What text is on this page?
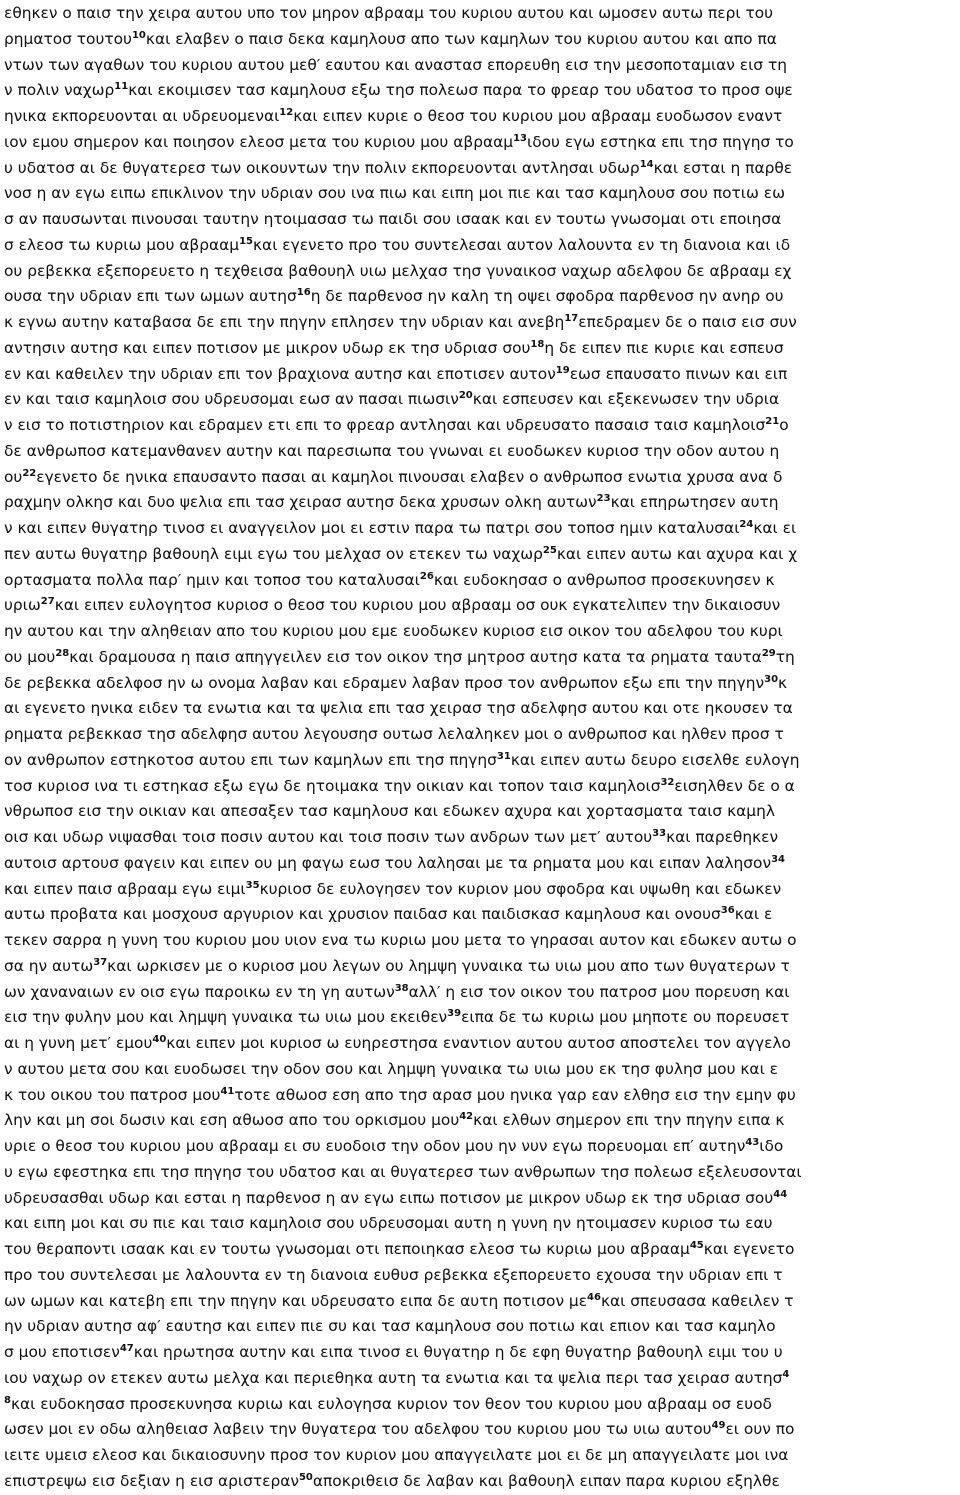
εθηκεν ο παισ την χειρα αυτου υπο τον μηρον αβρααμ του κυριου αυτου και ωμοσεν αυτω περι του
ρηματοσ τουτου$^{10}$και ελαβεν ο παισ δεκα καμηλουσ απο των καμηλων του κυριου αυτου και απο πα
ντων των αγαθων του κυριου αυτου μεθ′ εαυτου και αναστασ επορευθη εισ την μεσοποταμιαν εισ τη
ν πολιν ναχωρ$^{11}$και εκοιμισεν τασ καμηλουσ εξω τησ πολεωσ παρα το φρεαρ του υδατοσ το προσ οψε
ηνικα εκπορευονται αι υδρευομεναι$^{12}$και ειπεν κυριε ο θεοσ του κυριου μου αβρααμ ευοδωσον εναντ
ιον εμου σημερον και ποιησον ελεοσ μετα του κυριου μου αβρααμ$^{13}$ιδου εγω εστηκα επι τησ πηγησ το
υ υδατοσ αι δε θυγατερεσ των οικουντων την πολιν εκπορευονται αντλησαι υδωρ$^{14}$και εσται η παρθε
νοσ η αν εγω ειπω επικλινον την υδριαν σου ινα πιω και ειπη μοι πιε και τασ καμηλουσ σου ποτιω εω
σ αν παυσωνται πινουσαι ταυτην ητοιμασασ τω παιδι σου ισαακ και εν τουτω γνωσομαι οτι εποιησα
σ ελεοσ τω κυριω μου αβρααμ$^{15}$και εγενετο προ του συντελεσαι αυτον λαλουντα εν τη διανοια και ιδ
ου ρεβεκκα εξεπορευετο η τεχθεισα βαθουηλ υιω μελχασ τησ γυναικοσ ναχωρ αδελφου δε αβρααμ εχ
ουσα την υδριαν επι των ωμων αυτησ$^{16}$η δε παρθενοσ ην καλη τη οψει σφοδρα παρθενοσ ην ανηρ ου
κ εγνω αυτην καταβασα δε επι την πηγην επλησεν την υδριαν και ανεβη$^{17}$επεδραμεν δε ο παισ εισ συν
αντησιν αυτησ και ειπεν ποτισον με μικρον υδωρ εκ τησ υδριασ σου$^{18}$η δε ειπεν πιε κυριε και εσπευσ
εν και καθειλεν την υδριαν επι τον βραχιονα αυτησ και εποτισεν αυτον$^{19}$εωσ επαυσατο πινων και ειπ
εν και ταισ καμηλοισ σου υδρευσομαι εωσ αν πασαι πιωσιν$^{20}$και εσπευσεν και εξεκενωσεν την υδρια
ν εισ το ποτιστηριον και εδραμεν ετι επι το φρεαρ αντλησαι και υδρευσατο πασαισ ταισ καμηλοισ$^{21}$ο
δε ανθρωποσ κατεμανθανεν αυτην και παρεσιωπα του γνωναι ει ευοδωκεν κυριοσ την οδον αυτου η
$o\upsilon^{22}\varepsilon\gamma\varepsilon\nu\varepsilon\tau o$ δε ηνικα επαυσαντο πασαι αι καμηλοι πινουσαι ελαβεν ο ανθρωποσ ενωτια χρυσα ανα δ
ραχμην ολκησ και δυο ψελια επι τασ χειρασ αυτησ δεκα χρυσων ολκη αυτων$^{23}$και επηρωτησεν αυτη
ν και ειπεν θυγατηρ τινοσ ει αναγγειλον μοι ει εστιν παρα τω πατρι σου τοποσ ημιν καταλυσαι$^{24}$και ει
πεν αυτω θυγατηρ βαθουηλ ειμι εγω του μελχασ ον ετεκεν τω ναχωρ$^{25}$και ειπεν αυτω και αχυρα και χ
ορτασματα πολλα παρ′ ημιν και τοποσ του καταλυσαι$^{26}$και ευδοκησασ ο ανθρωποσ προσεκυνησεν κ
υριω$^{27}$και ειπεν ευλογητοσ κυριοσ ο θεοσ του κυριου μου αβρααμ οσ ουκ εγκατελιπεν την δικαιοσυν
ην αυτου και την αληθειαν απο του κυριου μου εμε ευοδωκεν κυριοσ εισ οικον του αδελφου του κυρι
ου μου$^{28}$και δραμουσα η παισ απηγγειλεν εισ τον οικον τησ μητροσ αυτησ κατα τα ρηματα ταυτα$^{29}$τη
δε ρεβεκκα αδελφοσ ην ω ονομα λαβαν και εδραμεν λαβαν προσ τον ανθρωπον εξω επι την πηγην$^{30}$κ
αι εγενετο ηνικα ειδεν τα ενωτια και τα ψελια επι τασ χειρασ τησ αδελφησ αυτου και οτε ηκουσεν τα
ρηματα ρεβεκκασ τησ αδελφησ αυτου λεγουσησ ουτωσ λελαληκεν μοι ο ανθρωποσ και ηλθεν προσ τ
ον ανθρωπον εστηκοτοσ αυτου επι των καμηλων επι τησ πηγησ$^{31}$και ειπεν αυτω δευρο εισελθε ευλογη
τοσ κυριοσ ινα τι εστηκασ εξω εγω δε ητοιμακα την οικιαν και τοπον ταισ καμηλοισ$^{32}$εισηλθεν δε ο α
νθρωποσ εισ την οικιαν και απεσαξεν τασ καμηλουσ και εδωκεν αχυρα και χορτασματα ταισ καμηλ
οισ και υδωρ νιψασθαι τοισ ποσιν αυτου και τοισ ποσιν των ανδρων των μετ′ αυτου$^{33}$και παρεθηκεν
αυτοισ αρτουσ φαγειν και ειπεν ου μη φαγω εωσ του λαλησαι με τα ρηματα μου και ειπαν λαλησον$^{34}$
και ειπεν παισ αβρααμ εγω ειμι$^{35}$κυριοσ δε ευλογησεν τον κυριον μου σφοδρα και υψωθη και εδωκεν
αυτω προβατα και μοσχουσ αργυριον και χρυσιον παιδασ και παιδισκασ καμηλουσ και ονουσ$^{36}$και ε
τεκεν σαρρα η γυνη του κυριου μου υιον ενα τω κυριω μου μετα το γηρασαι αυτον και εδωκεν αυτω ο
σα ην αυτω$^{37}$και ωρκισεν με ο κυριοσ μου λεγων ου λημψη γυναικα τω υιω μου απο των θυγατερων τ
ων χαναναιων εν οισ εγω παροικω εν τη γη αυτων$^{38}$αλλ′ η εισ τον οικον του πατροσ μου πορευση και
εισ την φυλην μου και λημψη γυναικα τω υιω μου εκειθεν$^{39}$ειπα δε τω κυριω μου μηποτε ου πορευσετ
αι η γυνη μετ′ εμου$^{40}$και ειπεν μοι κυριοσ ω ευηρεστησα εναντιον αυτου αυτοσ αποστελει τον αγγελο
ν αυτου μετα σου και ευοδωσει την οδον σου και λημψη γυναικα τω υιω μου εκ τησ φυλησ μου και ε
κ του οικου του πατροσ μου$^{41}$τοτε αθωοσ εση απο τησ αρασ μου ηνικα γαρ εαν ελθησ εισ την εμην φυ
λην και μη σοι δωσιν και εση αθωοσ απο του ορκισμου μου$^{42}$και ελθων σημερον επι την πηγην ειπα κ
υριε ο θεοσ του κυριου μου αβρααμ ει συ ευοδοισ την οδον μου ην νυν εγω πορευομαι επ′ αυτην$^{43}$ιδο
υ εγω εφεστηκα επι τησ πηγησ του υδατοσ και αι θυγατερεσ των ανθρωπων τησ πολεωσ εξελευσονται
υδρευσασθαι υδωρ και εσται η παρθενοσ η αν εγω ειπω ποτισον με μικρον υδωρ εκ τησ υδριασ σου$^{44}$
και ειπη μοι και συ πιε και ταισ καμηλοισ σου υδρευσομαι αυτη η γυνη ην ητοιμασεν κυριοσ τω εαυ
του θεραποντι ισαακ και εν τουτω γνωσομαι οτι πεποιηκασ ελεοσ τω κυριω μου αβρααμ$^{45}$και εγενετο
προ του συντελεσαι με λαλουντα εν τη διανοια ευθυσ ρεβεκκα εξεπορευετο εχουσα την υδριαν επι τ
ων ωμων και κατεβη επι την πηγην και υδρευσατο ειπα δε αυτη ποτισον $\mu\varepsilon^{46}\kappa\alpha\iota$ σπευσασα καθειλεν τ
ην υδριαν αυτησ αφ′ εαυτησ και ειπεν πιε συ και τασ καμηλουσ σου ποτιω και επιον και τασ καμηλο
σ μου εποτισεν$^{47}$και ηρωτησα αυτην και ειπα τινοσ ει θυγατηρ η δε εφη θυγατηρ βαθουηλ ειμι του υ
ιου ναχωρ ον ετεκεν αυτω μελχα και περιεθηκα αυτη τα ενωτια και τα ψελια περι τασ χειρασ αυτησ$^4$
$^8$και ευδοκησασ προσεκυνησα κυριω και ευλογησα κυριον τον θεον του κυριου μου αβρααμ οσ ευοδ
ωσεν μοι εν οδω αληθειασ λαβειν την θυγατερα του αδελφου του κυριου μου τω υιω αυτου$^{49}$ει ουν πο
ιειτε υμεισ ελεοσ και δικαιοσυνην προσ τον κυριον μου απαγγειλατε μοι ει δε μη απαγγειλατε μοι ινα
επιστρεψω εισ δεξιαν η εισ αριστεραν$^{50}$αποκριθεισ δε λαβαν και βαθουηλ ειπαν παρα κυριου εξηλθε
